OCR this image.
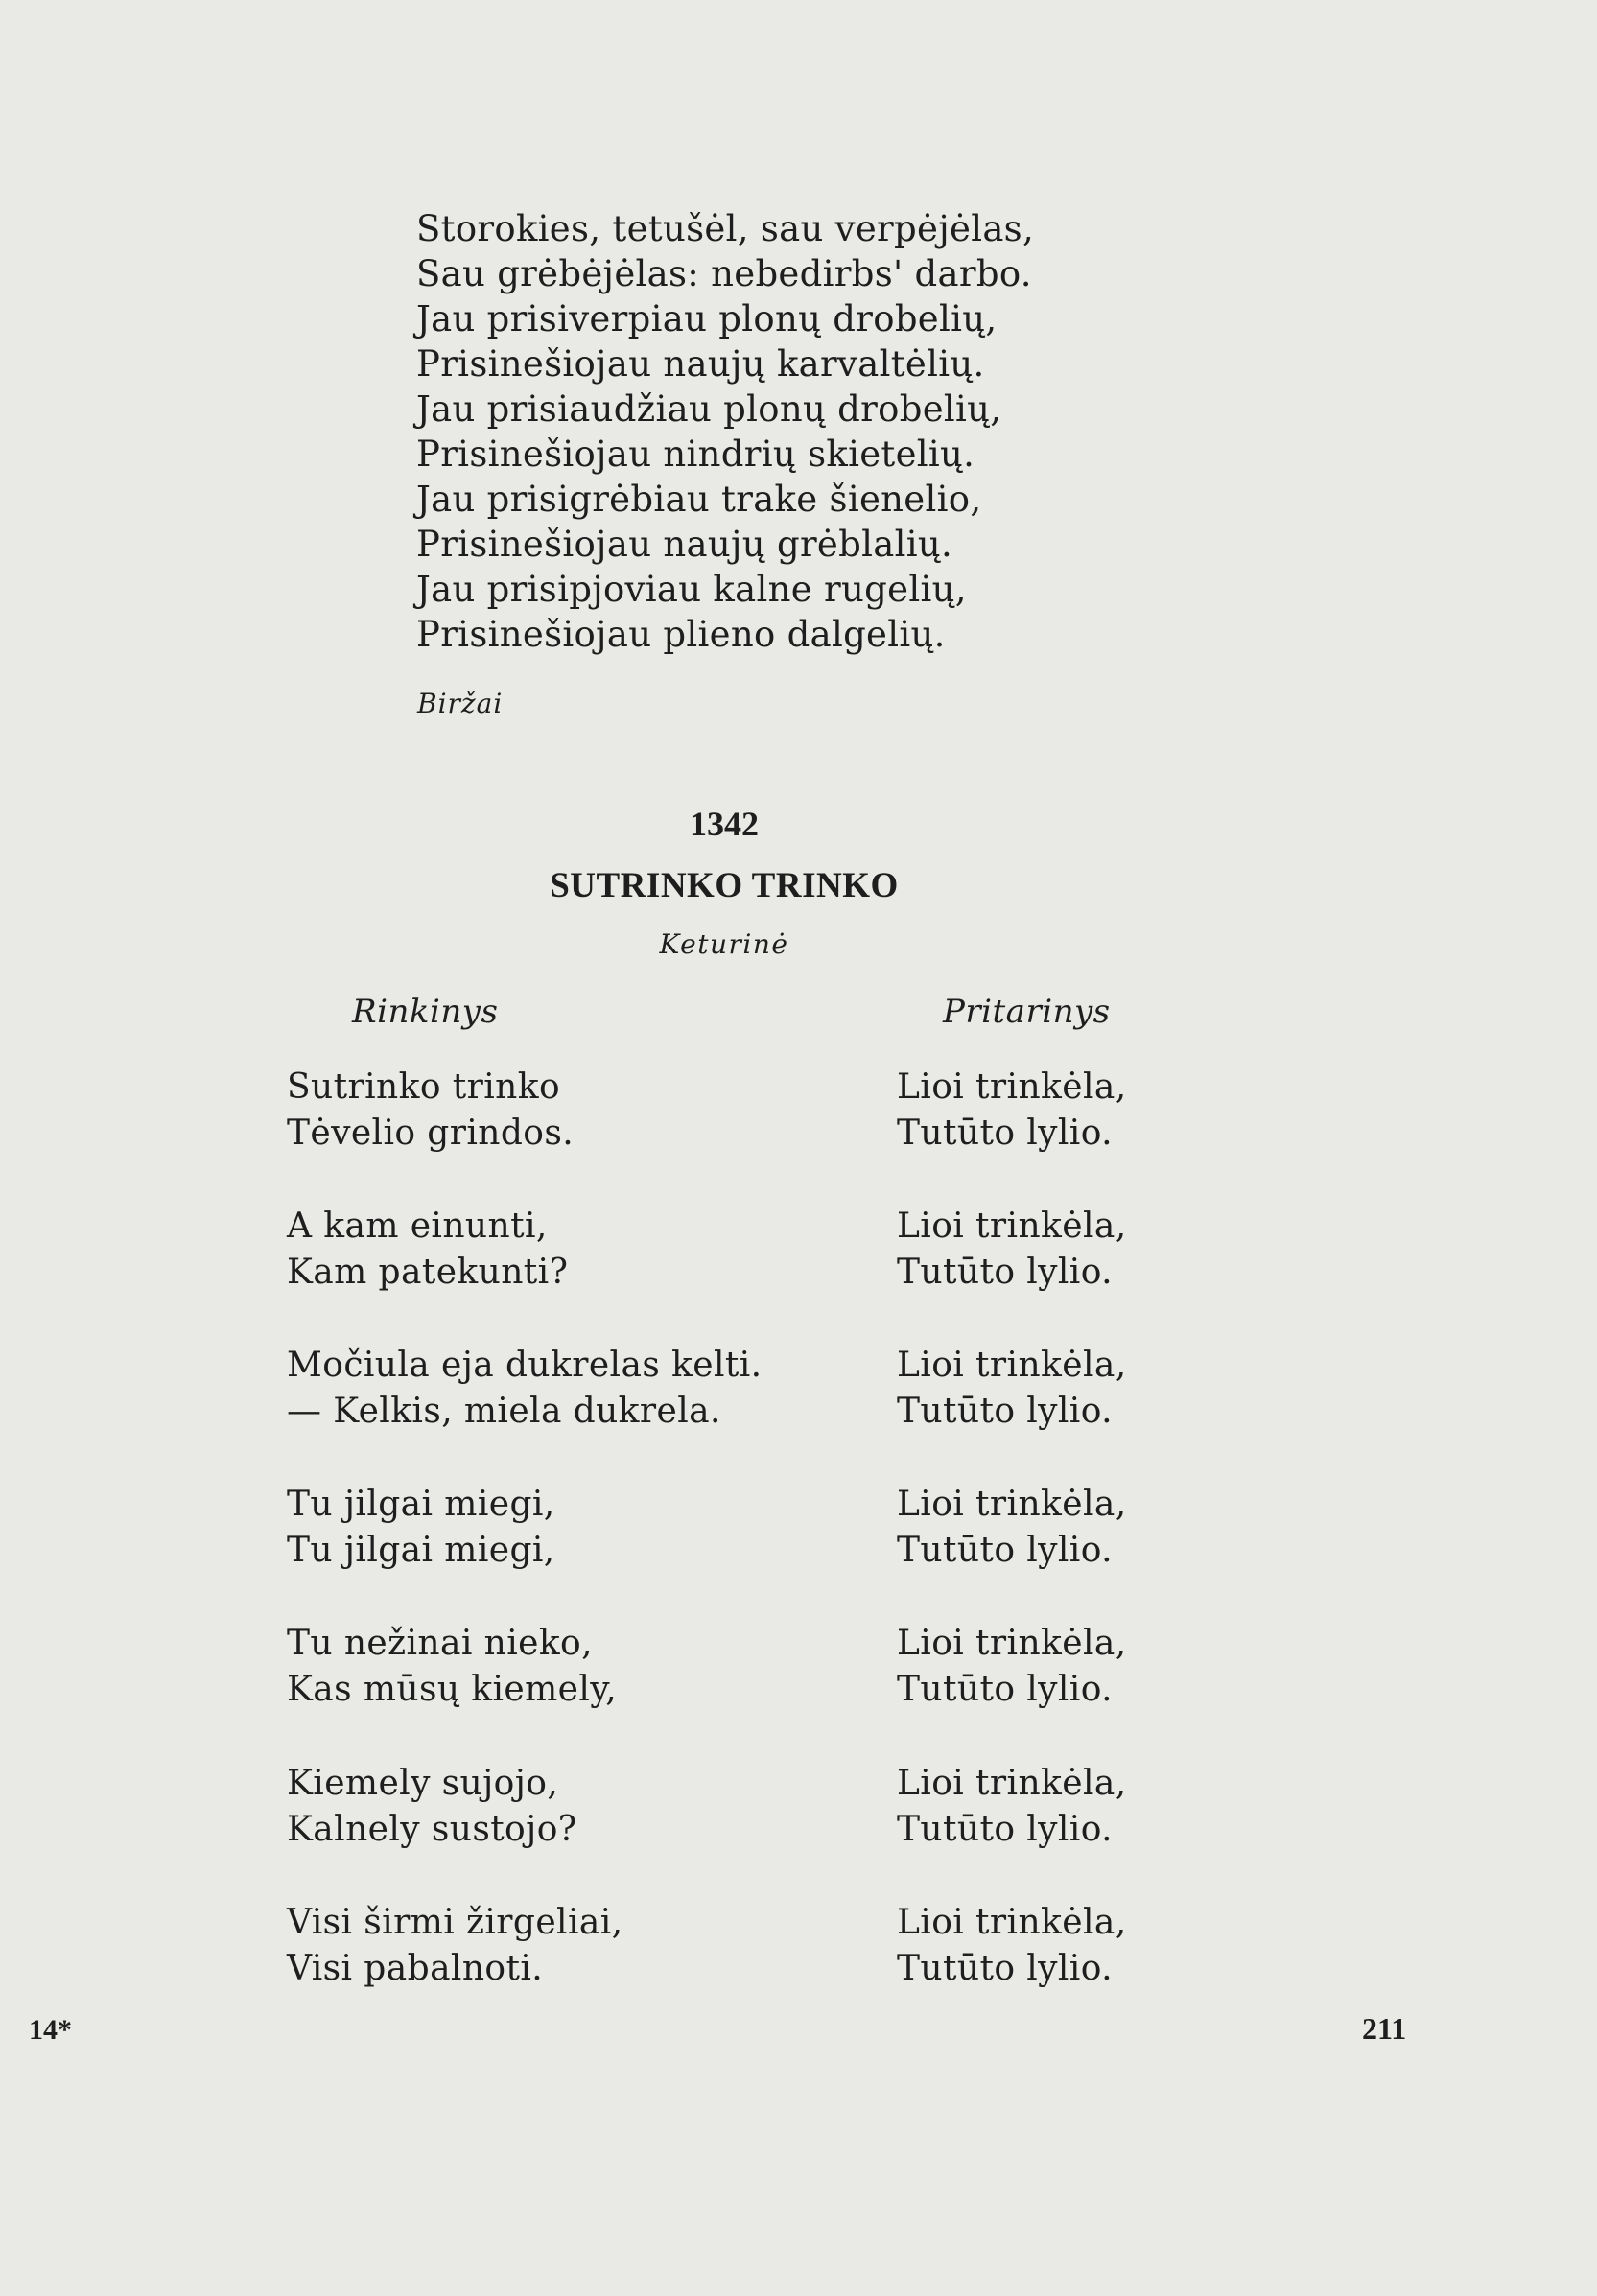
Storokies, tetušėl, sau verpėjėlas,
Sau grėbėjėlas: nebedirbs' darbo.
Jau prisiverpiau plonų drobelių,
Prisinešiojau naujų karvaltėlių.
Jau prisiaudžiau plonų drobelių,
Prisinešiojau nindrių skietelių.
Jau prisigrėbiau trake šienelio,
Prisinešiojau naujų grėblalių.
Jau prisipjoviau kalne rugelių,
Prisinešiojau plieno dalgelių.
Biržai
1342
SUTRINKO TRINKO
Keturinė
Rinkinys	Pritarinys
Sutrinko trinko
Tėvelio grindos.
Lioi trinkėla,
Tutūto lylio.
A kam einunti,
Kam patekunti?
Lioi trinkėla,
Tutūto lylio.
Močiula eja dukrelas kelti.
— Kelkis, miela dukrela.
Lioi trinkėla,
Tutūto lylio.
Tu jilgai miegi,
Tu jilgai miegi,
Lioi trinkėla,
Tutūto lylio.
Tu nežinai nieko,
Kas mūsų kiemely,
Lioi trinkėla,
Tutūto lylio.
Kiemely sujojo,
Kalnely sustojo?
Lioi trinkėla,
Tutūto lylio.
Visi širmi žirgeliai,
Visi pabalnoti.
Lioi trinkėla,
Tutūto lylio.
14*	211
